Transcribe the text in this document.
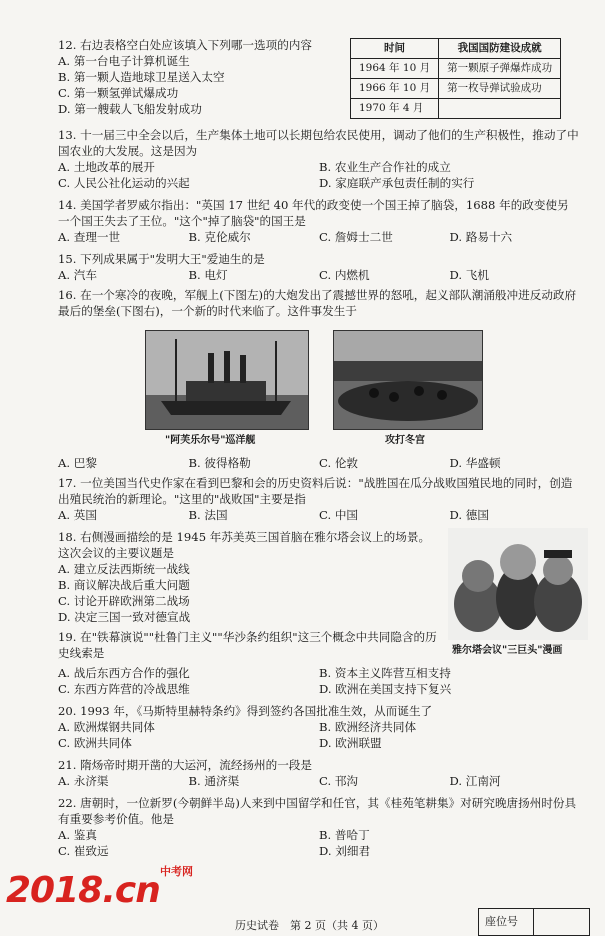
12. 右边表格空白处应该填入下列哪一选项的内容

A. 第一台电子计算机诞生
B. 第一颗人造地球卫星送入太空
C. 第一颗氢弹试爆成功
D. 第一艘载人飞船发射成功
时间	我国国防建设成就
1964 年 10 月	第一颗原子弹爆炸成功
1966 年 10 月	第一枚导弹试验成功
1970 年 4 月	

13. 十一届三中全会以后，生产集体土地可以长期包给农民使用，调动了他们的生产积极性，推动了中国农业的大发展。这是因为

A. 土地改革的展开	B. 农业生产合作社的成立
C. 人民公社化运动的兴起	D. 家庭联产承包责任制的实行

14. 美国学者罗威尔指出："英国 17 世纪 40 年代的政变使一个国王掉了脑袋，1688 年的政变使另一个国王失去了王位。"这个"掉了脑袋"的国王是

A. 查理一世	B. 克伦威尔	C. 詹姆士二世	D. 路易十六

15. 下列成果属于"发明大王"爱迪生的是

A. 汽车	B. 电灯	C. 内燃机	D. 飞机

16. 在一个寒冷的夜晚，军舰上(下图左)的大炮发出了震撼世界的怒吼，起义部队潮涌般冲进反动政府最后的堡垒(下图右)，一个新的时代来临了。这件事发生于

"阿芙乐尔号"巡洋舰	攻打冬宫
A. 巴黎	B. 彼得格勒	C. 伦敦	D. 华盛顿

17. 一位美国当代史作家在看到巴黎和会的历史资料后说："战胜国在瓜分战败国殖民地的同时，创造出殖民统治的新理论。"这里的"战败国"主要是指

A. 英国	B. 法国	C. 中国	D. 德国

18. 右侧漫画描绘的是 1945 年苏美英三国首脑在雅尔塔会议上的场景。这次会议的主要议题是

A. 建立反法西斯统一战线
B. 商议解决战后重大问题
C. 讨论开辟欧洲第二战场
D. 决定三国一致对德宣战
雅尔塔会议"三巨头"漫画

19. 在"铁幕演说""杜鲁门主义""华沙条约组织"这三个概念中共同隐含的历史线索是

A. 战后东西方合作的强化	B. 资本主义阵营互相支持
C. 东西方阵营的冷战思维	D. 欧洲在美国支持下复兴

20. 1993 年，《马斯特里赫特条约》得到签约各国批准生效，从而诞生了

A. 欧洲煤钢共同体	B. 欧洲经济共同体
C. 欧洲共同体	D. 欧洲联盟

21. 隋炀帝时期开凿的大运河，流经扬州的一段是

A. 永济渠	B. 通济渠	C. 邗沟	D. 江南河

22. 唐朝时，一位新罗(今朝鲜半岛)人来到中国留学和任官，其《桂苑笔耕集》对研究晚唐扬州时份具有重要参考价值。他是

A. 鉴真	B. 普哈丁
C. 崔致远	D. 刘细君
2018.cn 中考网
历史试卷　第 2 页（共 4 页）	座位号
